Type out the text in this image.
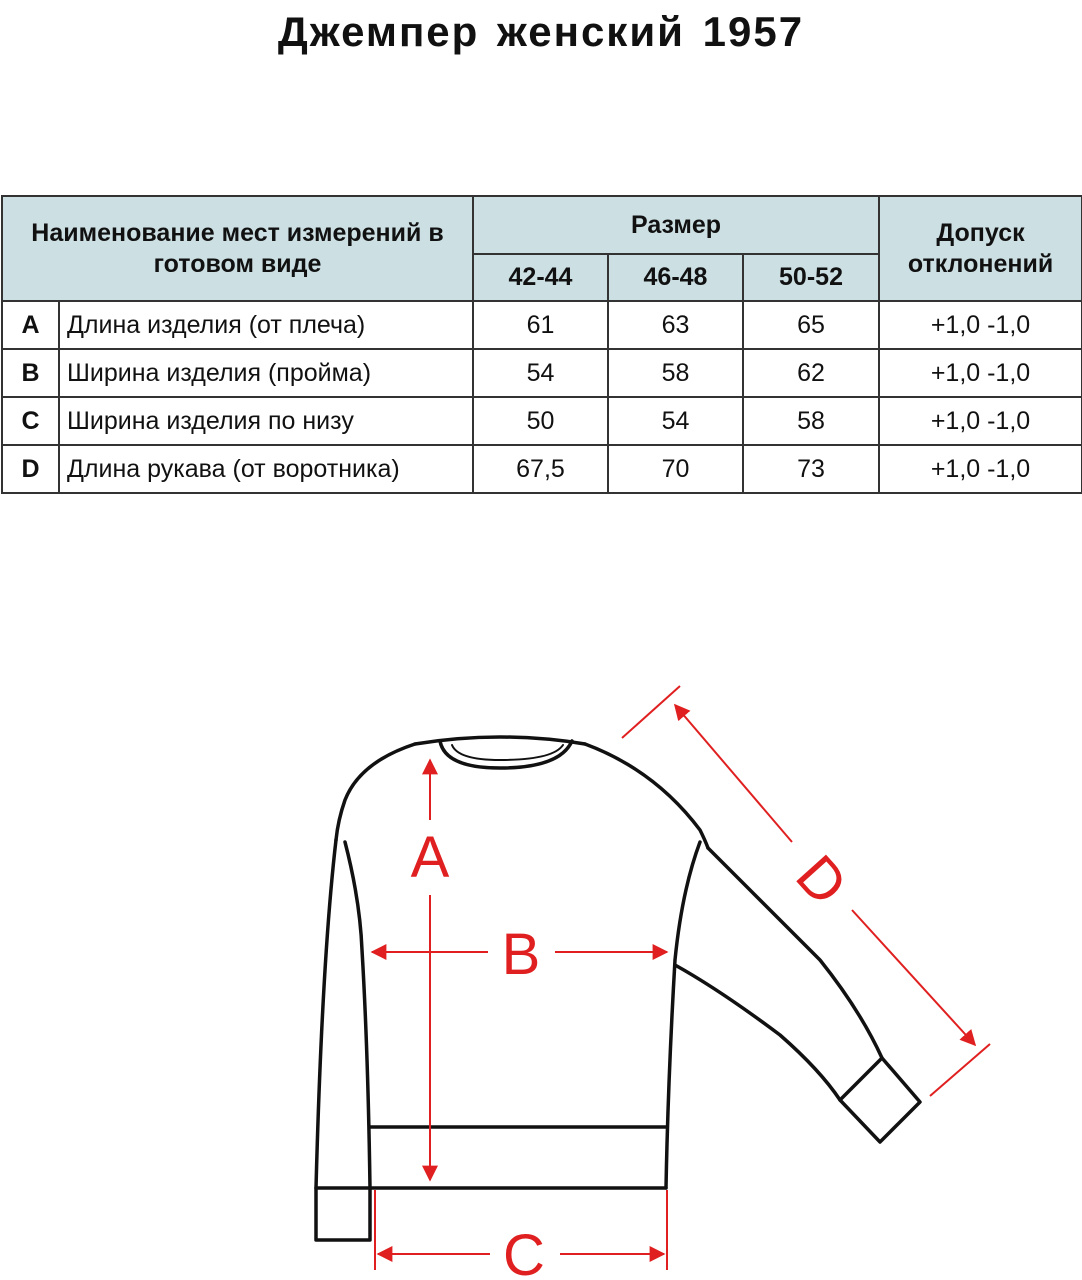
Джемпер женский 1957
Наименование мест измерений в готовом виде		Размер			Допуск отклонений
		42-44	46-48	50-52	
A	Длина изделия (от плеча)	61	63	65	+1,0 -1,0
B	Ширина изделия (пройма)	54	58	62	+1,0 -1,0
C	Ширина изделия по низу	50	54	58	+1,0 -1,0
D	Длина рукава (от воротника)	67,5	70	73	+1,0 -1,0
A
B
C
D
